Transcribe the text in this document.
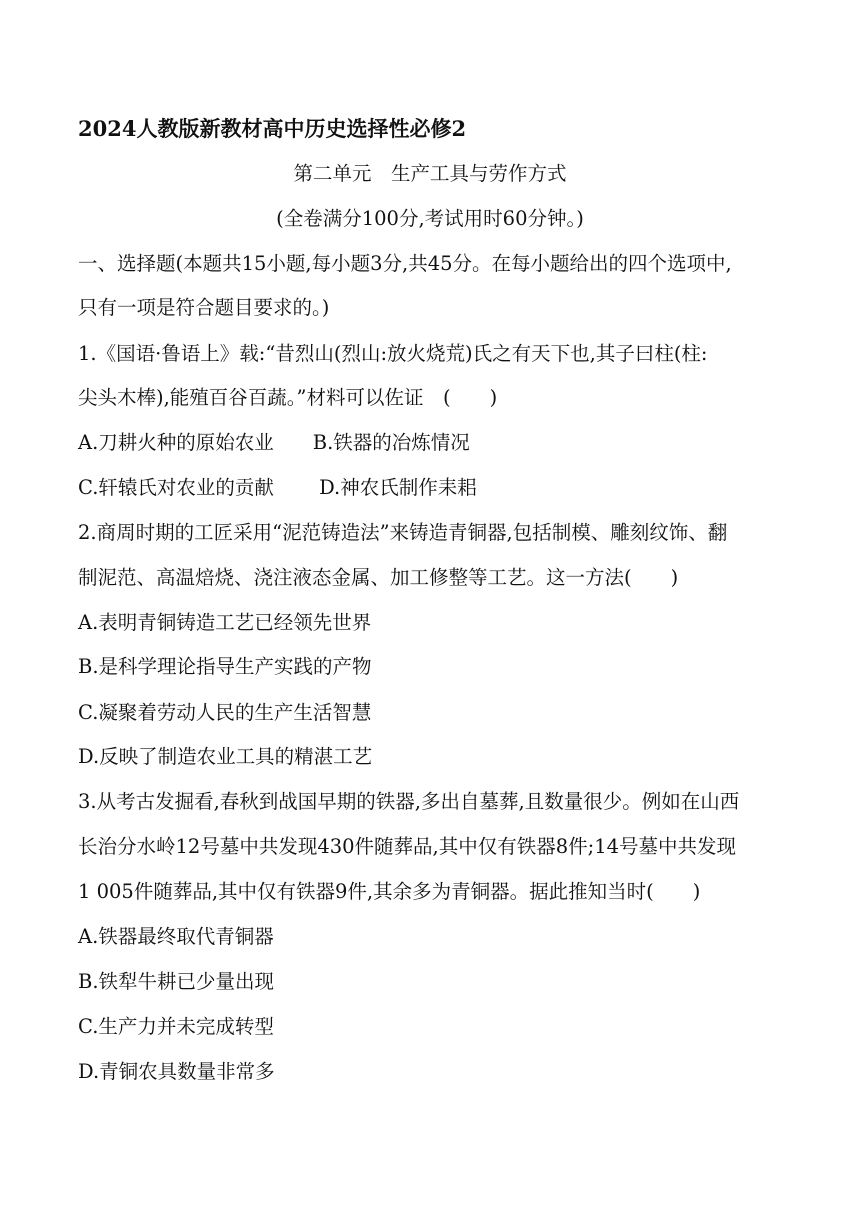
2024人教版新教材高中历史选择性必修2
第二单元　生产工具与劳作方式
(全卷满分100分,考试用时60分钟。)
一、选择题(本题共15小题,每小题3分,共45分。在每小题给出的四个选项中,
只有一项是符合题目要求的。)
1.《国语·鲁语上》载:“昔烈山(烈山:放火烧荒)氏之有天下也,其子曰柱(柱:
尖头木棒),能殖百谷百蔬。”材料可以佐证　(　　)
A.刀耕火种的原始农业　　B.铁器的冶炼情况
C.轩辕氏对农业的贡献　　 D.神农氏制作耒耜
2.商周时期的工匠采用“泥范铸造法”来铸造青铜器,包括制模、雕刻纹饰、翻
制泥范、高温焙烧、浇注液态金属、加工修整等工艺。这一方法(　　)
A.表明青铜铸造工艺已经领先世界
B.是科学理论指导生产实践的产物
C.凝聚着劳动人民的生产生活智慧
D.反映了制造农业工具的精湛工艺
3.从考古发掘看,春秋到战国早期的铁器,多出自墓葬,且数量很少。例如在山西
长治分水岭12号墓中共发现430件随葬品,其中仅有铁器8件;14号墓中共发现
1 005件随葬品,其中仅有铁器9件,其余多为青铜器。据此推知当时(　　)
A.铁器最终取代青铜器
B.铁犁牛耕已少量出现
C.生产力并未完成转型
D.青铜农具数量非常多
